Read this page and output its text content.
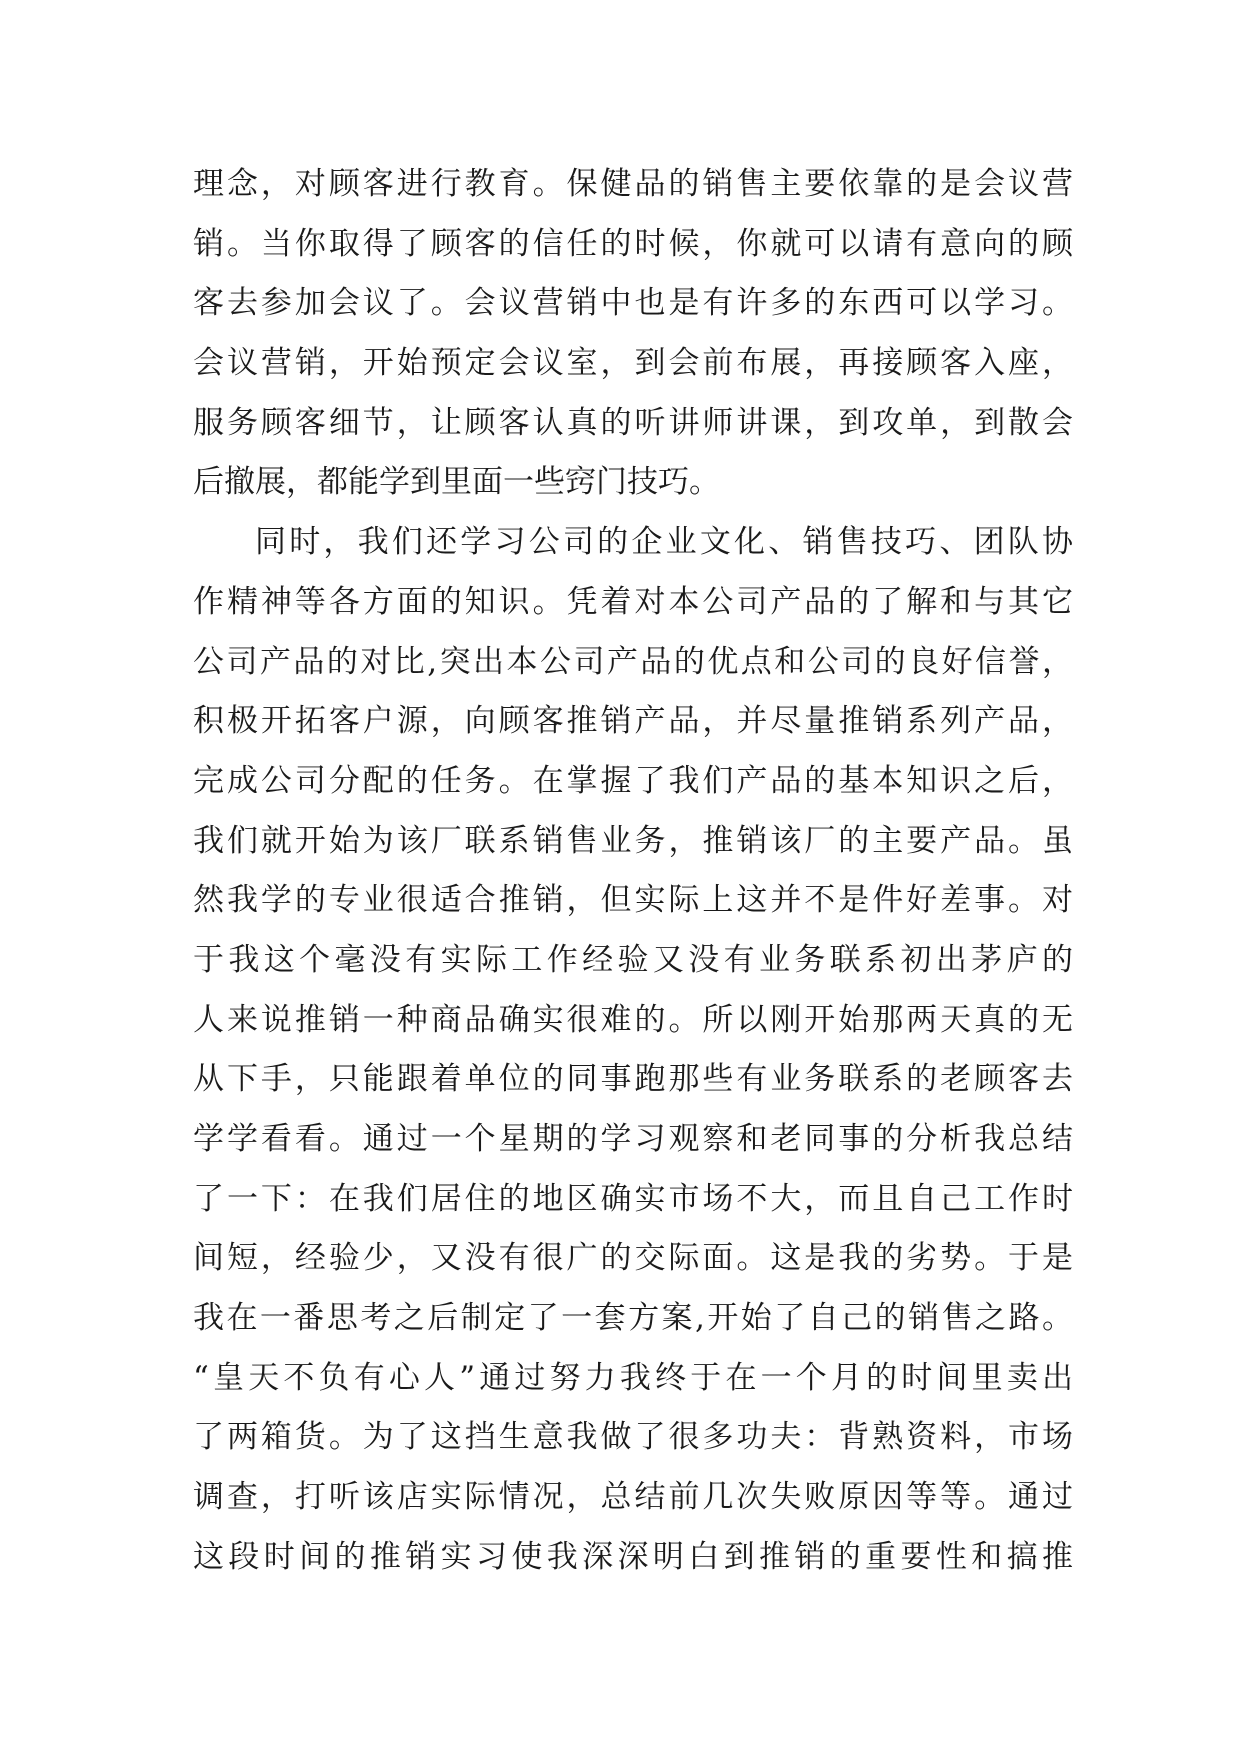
理念，对顾客进行教育。保健品的销售主要依靠的是会议营
销。当你取得了顾客的信任的时候，你就可以请有意向的顾
客去参加会议了。会议营销中也是有许多的东西可以学习。
会议营销，开始预定会议室，到会前布展，再接顾客入座，
服务顾客细节，让顾客认真的听讲师讲课，到攻单，到散会
后撤展，都能学到里面一些窍门技巧。
同时，我们还学习公司的企业文化、销售技巧、团队协
作精神等各方面的知识。凭着对本公司产品的了解和与其它
公司产品的对比,突出本公司产品的优点和公司的良好信誉，
积极开拓客户源，向顾客推销产品，并尽量推销系列产品，
完成公司分配的任务。在掌握了我们产品的基本知识之后，
我们就开始为该厂联系销售业务，推销该厂的主要产品。虽
然我学的专业很适合推销，但实际上这并不是件好差事。对
于我这个毫没有实际工作经验又没有业务联系初出茅庐的
人来说推销一种商品确实很难的。所以刚开始那两天真的无
从下手，只能跟着单位的同事跑那些有业务联系的老顾客去
学学看看。通过一个星期的学习观察和老同事的分析我总结
了一下：在我们居住的地区确实市场不大，而且自己工作时
间短，经验少，又没有很广的交际面。这是我的劣势。于是
我在一番思考之后制定了一套方案,开始了自己的销售之路。
“皇天不负有心人”通过努力我终于在一个月的时间里卖出
了两箱货。为了这挡生意我做了很多功夫：背熟资料，市场
调查，打听该店实际情况，总结前几次失败原因等等。通过
这段时间的推销实习使我深深明白到推销的重要性和搞推
